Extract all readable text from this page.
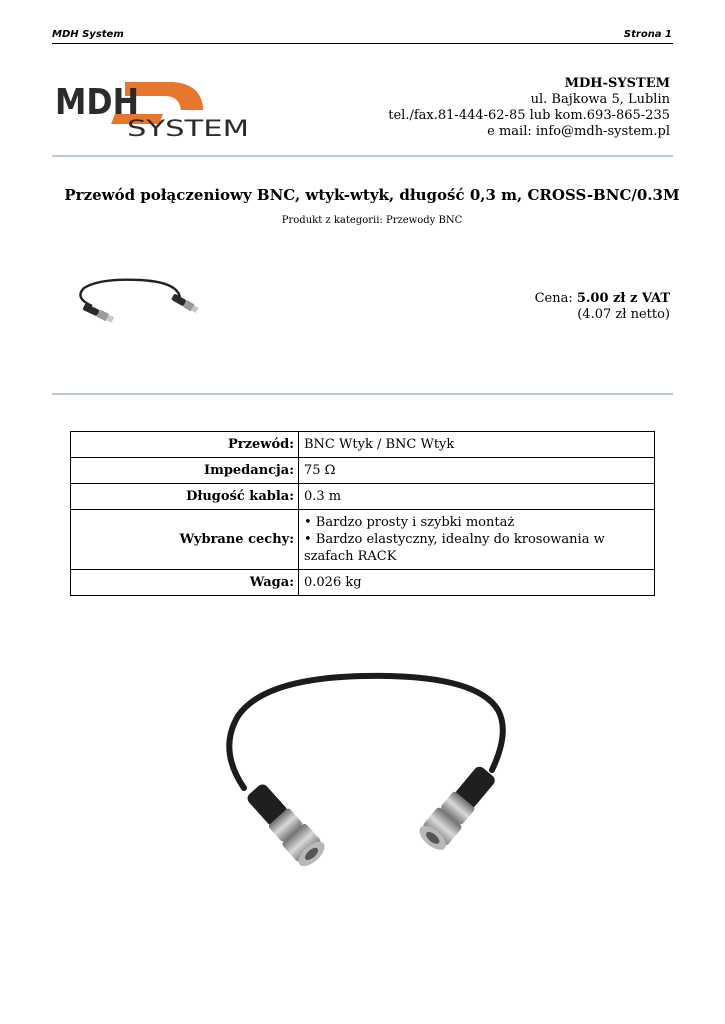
MDH System	Strona 1
MDH
SYSTEM
MDH-SYSTEM
ul. Bajkowa 5, Lublin
tel./fax.81-444-62-85 lub kom.693-865-235
e mail: info@mdh-system.pl
Przewód połączeniowy BNC, wtyk-wtyk, długość 0,3 m, CROSS-BNC/0.3M
Produkt z kategorii: Przewody BNC
Cena: 5.00 zł z VAT
(4.07 zł netto)
Przewód:	BNC Wtyk / BNC Wtyk
Impedancja:	75 Ω
Długość kabla:	0.3 m
Wybrane cechy:	• Bardzo prosty i szybki montaż
• Bardzo elastyczny, idealny do krosowania w szafach RACK

Waga:	0.026 kg
